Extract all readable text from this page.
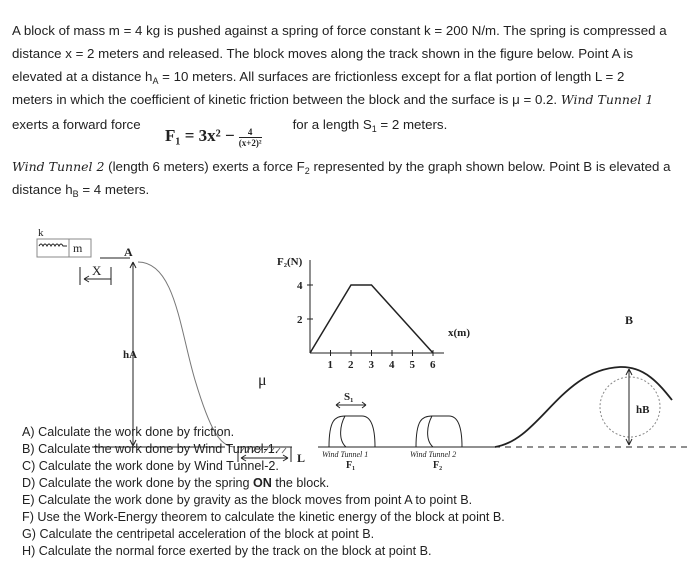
A block of mass m = 4 kg is pushed against a spring of force constant k = 200 N/m. The spring is compressed a
distance x = 2 meters and released. The block moves along the track shown in the figure below. Point A is
elevated at a distance $h_A = 10$ meters. All surfaces are frictionless except for a flat portion of length L = 2
meters in which the coefficient of kinetic friction between the block and the surface is μ = 0.2. Wind Tunnel 1
exerts a forward force	for a length $S_1 = 2$ meters.
$F_1 = 3x^2 - \frac{4}{\text{(x+2)²}}$
Wind Tunnel 2 (length 6 meters) exerts a force $F_2$ represented by the graph shown below. Point B is elevated a
distance $h_B = 4$ meters.
k
m	A
X
hA
L
μ
S₁
Wind Tunnel 1
F₁
Wind Tunnel 2
F₂
B
hB
F₂(N)
x(m)
1 2 3 4 5 6
2
4
A) Calculate the work done by friction.
B) Calculate the work done by Wind Tunnel-1.
C) Calculate the work done by Wind Tunnel-2.
D) Calculate the work done by the spring ON the block.
E) Calculate the work done by gravity as the block moves from point A to point B.
F) Use the Work-Energy theorem to calculate the kinetic energy of the block at point B.
G) Calculate the centripetal acceleration of the block at point B.
H) Calculate the normal force exerted by the track on the block at point B.
